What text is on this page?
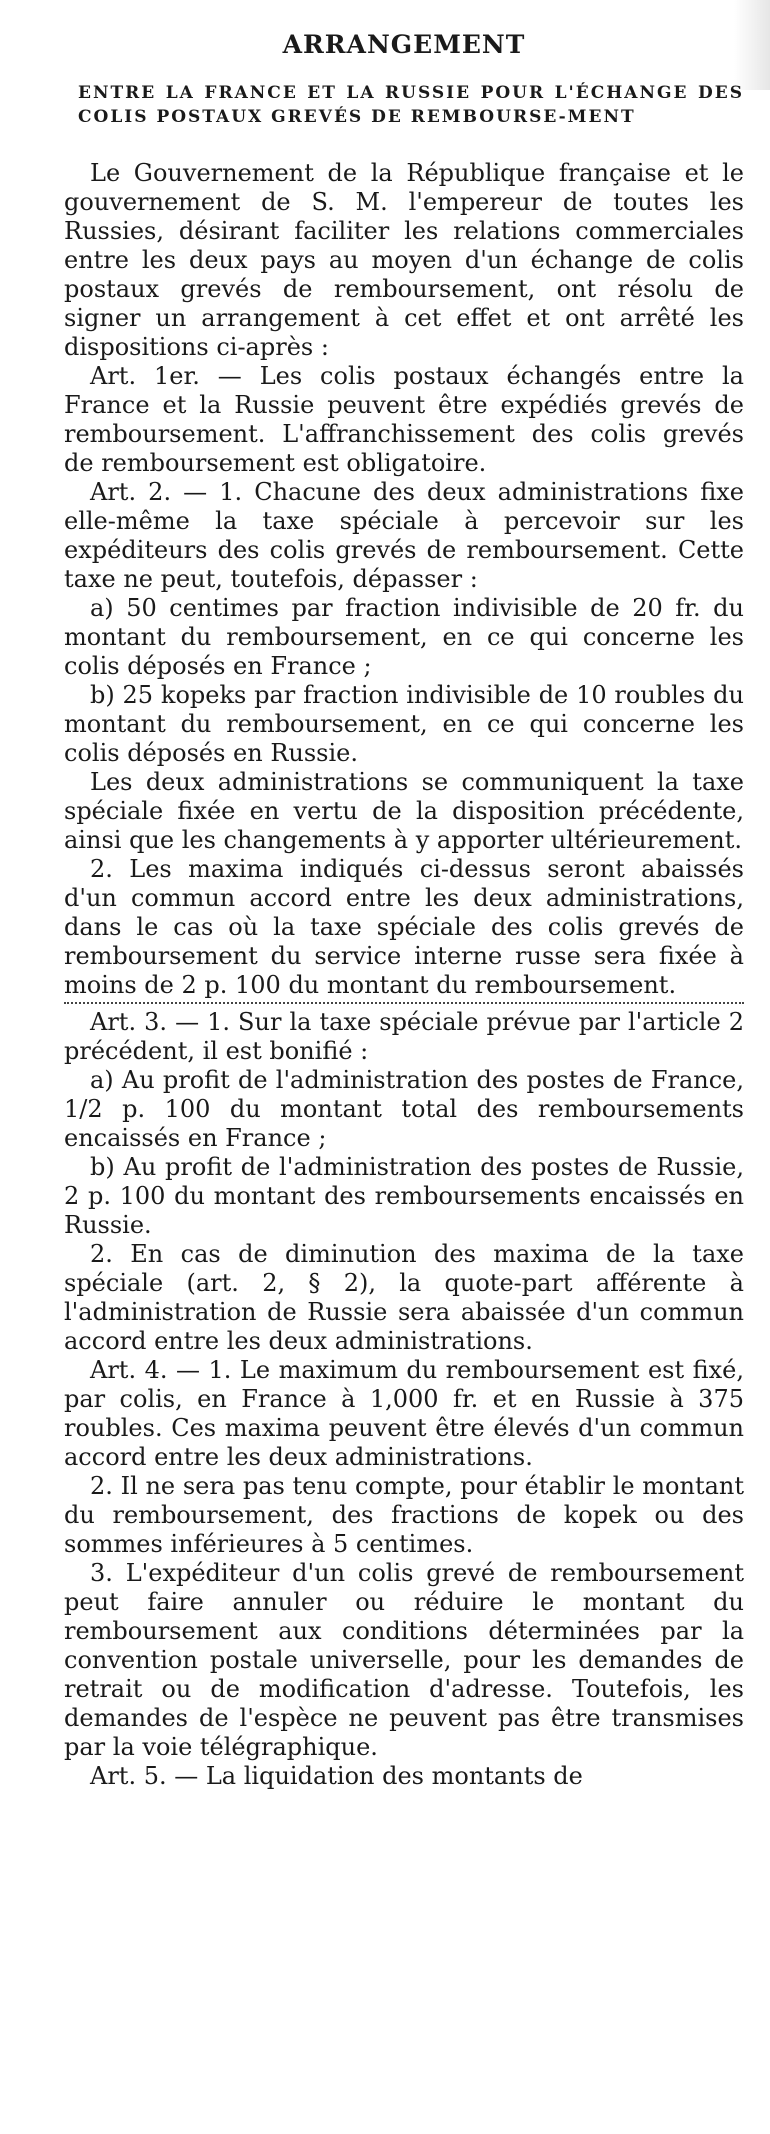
ARRANGEMENT
ENTRE LA FRANCE ET LA RUSSIE POUR L'ÉCHANGE DES COLIS POSTAUX GREVÉS DE REMBOURSE-MENT

Le Gouvernement de la République française et le gouvernement de S. M. l'empereur de toutes les Russies, désirant faciliter les relations commerciales entre les deux pays au moyen d'un échange de colis postaux grevés de remboursement, ont résolu de signer un arrangement à cet effet et ont arrêté les dispositions ci-après :

Art. 1er. — Les colis postaux échangés entre la France et la Russie peuvent être expédiés grevés de remboursement. L'affranchissement des colis grevés de remboursement est obligatoire.

Art. 2. — 1. Chacune des deux administrations fixe elle-même la taxe spéciale à percevoir sur les expéditeurs des colis grevés de remboursement. Cette taxe ne peut, toutefois, dépasser :

a) 50 centimes par fraction indivisible de 20 fr. du montant du remboursement, en ce qui concerne les colis déposés en France ;

b) 25 kopeks par fraction indivisible de 10 roubles du montant du remboursement, en ce qui concerne les colis déposés en Russie.

Les deux administrations se communiquent la taxe spéciale fixée en vertu de la disposition précédente, ainsi que les changements à y apporter ultérieurement.

2. Les maxima indiqués ci-dessus seront abaissés d'un commun accord entre les deux administrations, dans le cas où la taxe spéciale des colis grevés de remboursement du service interne russe sera fixée à moins de 2 p. 100 du montant du remboursement.

Art. 3. — 1. Sur la taxe spéciale prévue par l'article 2 précédent, il est bonifié :

a) Au profit de l'administration des postes de France, 1/2 p. 100 du montant total des remboursements encaissés en France ;

b) Au profit de l'administration des postes de Russie, 2 p. 100 du montant des remboursements encaissés en Russie.

2. En cas de diminution des maxima de la taxe spéciale (art. 2, § 2), la quote-part afférente à l'administration de Russie sera abaissée d'un commun accord entre les deux administrations.

Art. 4. — 1. Le maximum du remboursement est fixé, par colis, en France à 1,000 fr. et en Russie à 375 roubles. Ces maxima peuvent être élevés d'un commun accord entre les deux administrations.

2. Il ne sera pas tenu compte, pour établir le montant du remboursement, des fractions de kopek ou des sommes inférieures à 5 centimes.

3. L'expéditeur d'un colis grevé de remboursement peut faire annuler ou réduire le montant du remboursement aux conditions déterminées par la convention postale universelle, pour les demandes de retrait ou de modification d'adresse. Toutefois, les demandes de l'espèce ne peuvent pas être transmises par la voie télégraphique.

Art. 5. — La liquidation des montants de
